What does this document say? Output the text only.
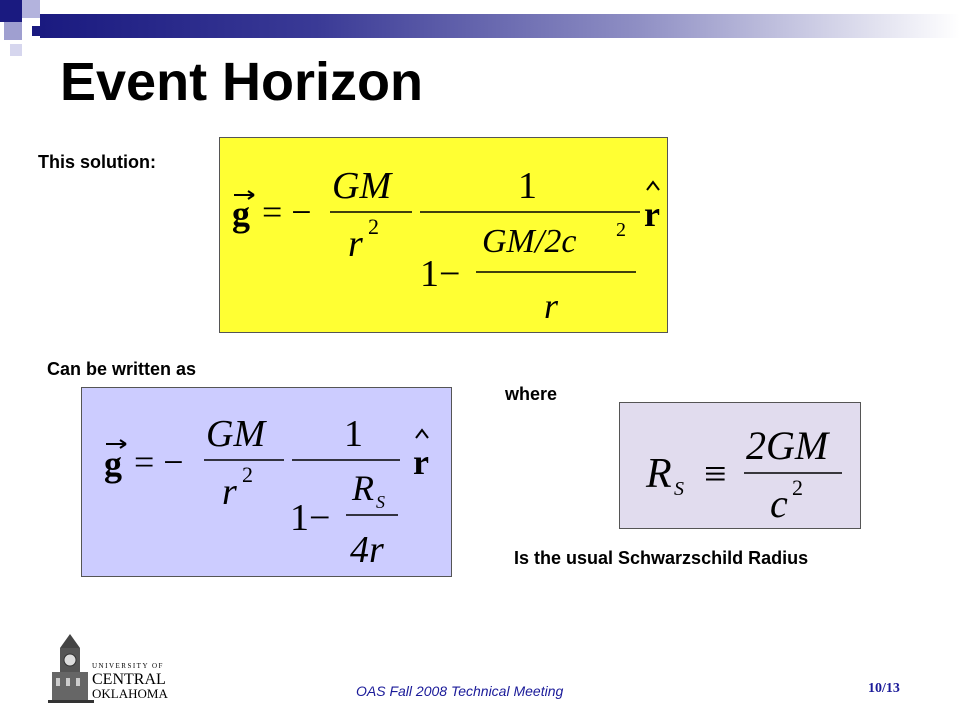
Event Horizon
This solution:
Can be written as
where
Is the usual Schwarzschild Radius
g = −
GM
r 2
1
1−
GM/2c 2
r
r
g = −
GM
r 2
1
1−
R S
4r
r	R S ≡
2GM
c 2
UNIVERSITY OF
CENTRAL
OKLAHOMA	OAS Fall 2008 Technical Meeting	10/13
